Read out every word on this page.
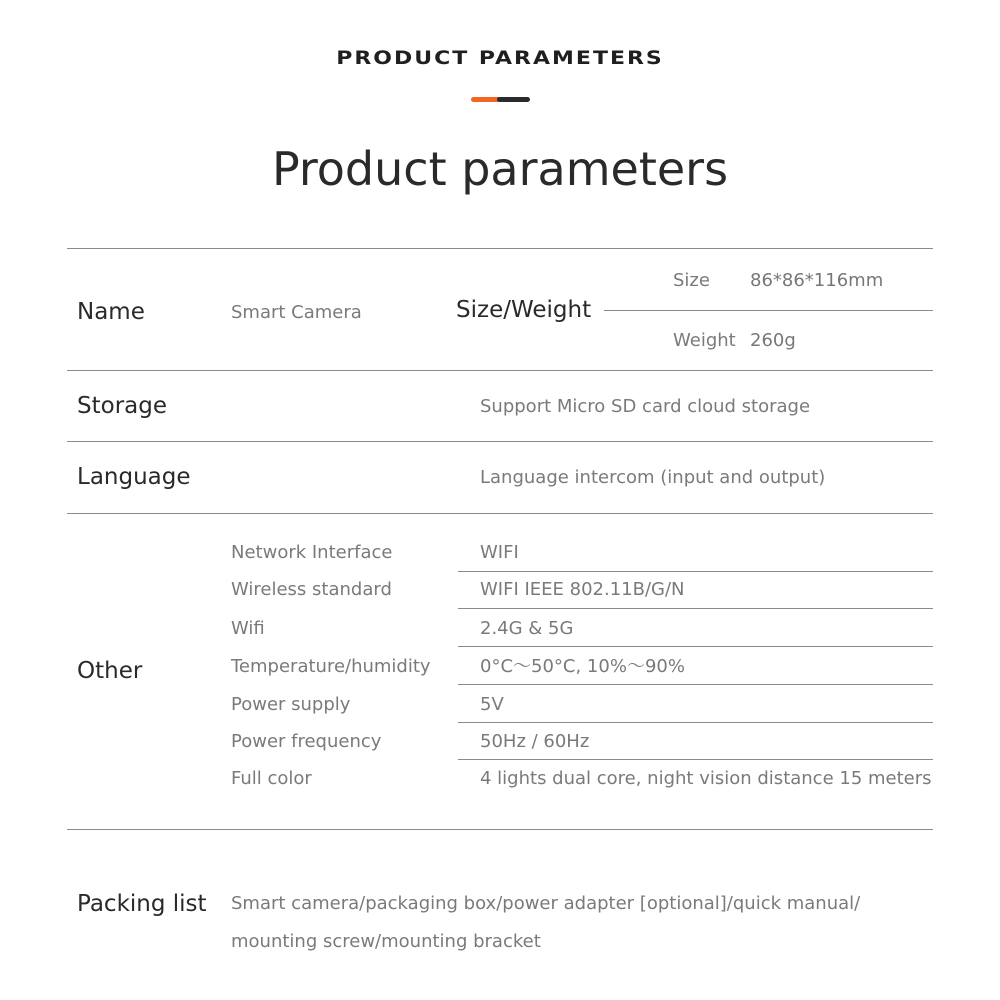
PRODUCT PARAMETERS
Product parameters
Name	Smart Camera	Size/Weight
Size 86*86*116mm
Weight 260g
Storage	Support Micro SD card cloud storage
Language	Language intercom (input and output)
Other
Network Interface	WIFI
Wireless standard	WIFI IEEE 802.11B/G/N
Wifi	2.4G & 5G
Temperature/humidity	0°C～50°C, 10%～90%
Power supply	5V
Power frequency	50Hz / 60Hz
Full color	4 lights dual core, night vision distance 15 meters
Packing list Smart camera/packaging box/power adapter [optional]/quick manual/
mounting screw/mounting bracket
